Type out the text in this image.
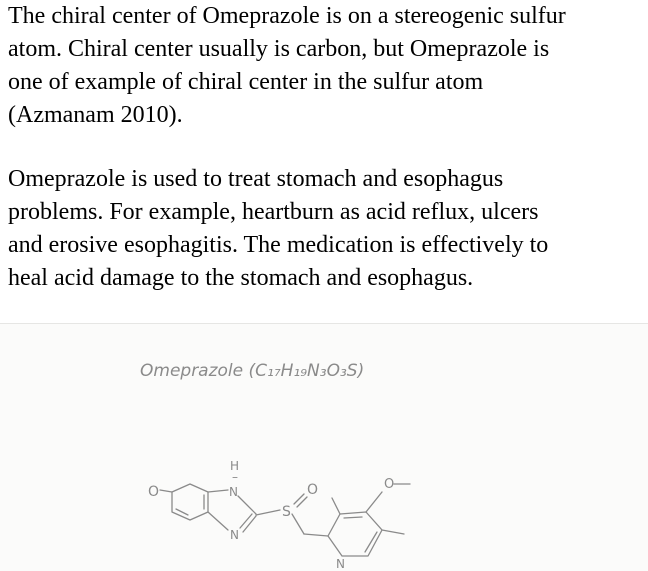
The chiral center of Omeprazole is on a stereogenic sulfur
atom. Chiral center usually is carbon, but Omeprazole is
one of example of chiral center in the sulfur atom
(Azmanam 2010).
Omeprazole is used to treat stomach and esophagus
problems. For example, heartburn as acid reflux, ulcers
and erosive esophagitis. The medication is effectively to
heal acid damage to the stomach and esophagus.
Omeprazole (C₁₇H₁₉N₃O₃S)
O
H
–
N
N
S
O	O
N
